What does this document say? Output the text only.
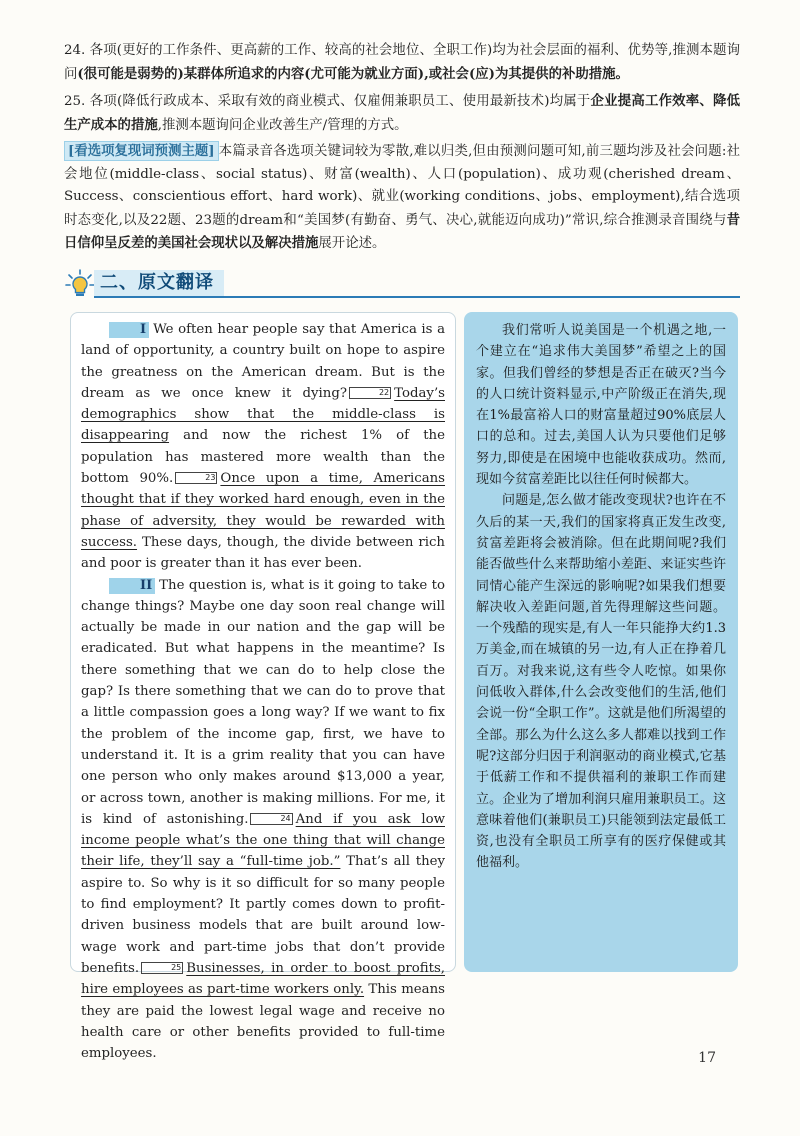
24. 各项(更好的工作条件、更高薪的工作、较高的社会地位、全职工作)均为社会层面的福利、优势等,推测本题询问(很可能是弱势的)某群体所追求的内容(尤可能为就业方面),或社会(应)为其提供的补助措施。

25. 各项(降低行政成本、采取有效的商业模式、仅雇佣兼职员工、使用最新技术)均属于企业提高工作效率、降低生产成本的措施,推测本题询问企业改善生产/管理的方式。

[看选项复现词预测主题] 本篇录音各选项关键词较为零散,难以归类,但由预测问题可知,前三题均涉及社会问题:社会地位(middle-class、social status)、财富(wealth)、人口(population)、成功观(cherished dream、Success、conscientious effort、hard work)、就业(working conditions、jobs、employment),结合选项时态变化,以及22题、23题的dream和“美国梦(有勤奋、勇气、决心,就能迈向成功)”常识,综合推测录音围绕与昔日信仰呈反差的美国社会现状以及解决措施展开论述。

二、原文翻译

I We often hear people say that America is a land of opportunity, a country built on hope to aspire the greatness on the American dream. But is the dream as we once knew it dying?	22 Today’s demographics show that the middle-class is disappearing and now the richest 1% of the population has mastered more wealth than the bottom 90%.	23 Once upon a time, Americans thought that if they worked hard enough, even in the phase of adversity, they would be rewarded with success. These days, though, the divide between rich and poor is greater than it has ever been.

II The question is, what is it going to take to change things? Maybe one day soon real change will actually be made in our nation and the gap will be eradicated. But what happens in the meantime? Is there something that we can do to help close the gap? Is there something that we can do to prove that a little compassion goes a long way? If we want to fix the problem of the income gap, first, we have to understand it. It is a grim reality that you can have one person who only makes around $13,000 a year, or across town, another is making millions. For me, it is kind of astonishing.	24 And if you ask low income people what’s the one thing that will change their life, they’ll say a “full-time job.” That’s all they aspire to. So why is it so difficult for so many people to find employment? It partly comes down to profit-driven business models that are built around low-wage work and part-time jobs that don’t provide benefits.	25 Businesses, in order to boost profits, hire employees as part-time workers only. This means they are paid the lowest legal wage and receive no health care or other benefits provided to full-time employees.

我们常听人说美国是一个机遇之地,一个建立在“追求伟大美国梦”希望之上的国家。但我们曾经的梦想是否正在破灭?当今的人口统计资料显示,中产阶级正在消失,现在1%最富裕人口的财富量超过90%底层人口的总和。过去,美国人认为只要他们足够努力,即使是在困境中也能收获成功。然而,现如今贫富差距比以往任何时候都大。

问题是,怎么做才能改变现状?也许在不久后的某一天,我们的国家将真正发生改变,贫富差距将会被消除。但在此期间呢?我们能否做些什么来帮助缩小差距、来证实些许同情心能产生深远的影响呢?如果我们想要解决收入差距问题,首先得理解这些问题。一个残酷的现实是,有人一年只能挣大约1.3万美金,而在城镇的另一边,有人正在挣着几百万。对我来说,这有些令人吃惊。如果你问低收入群体,什么会改变他们的生活,他们会说一份“全职工作”。这就是他们所渴望的全部。那么为什么这么多人都难以找到工作呢?这部分归因于利润驱动的商业模式,它基于低薪工作和不提供福利的兼职工作而建立。企业为了增加利润只雇用兼职员工。这意味着他们(兼职员工)只能领到法定最低工资,也没有全职员工所享有的医疗保健或其他福利。

17
